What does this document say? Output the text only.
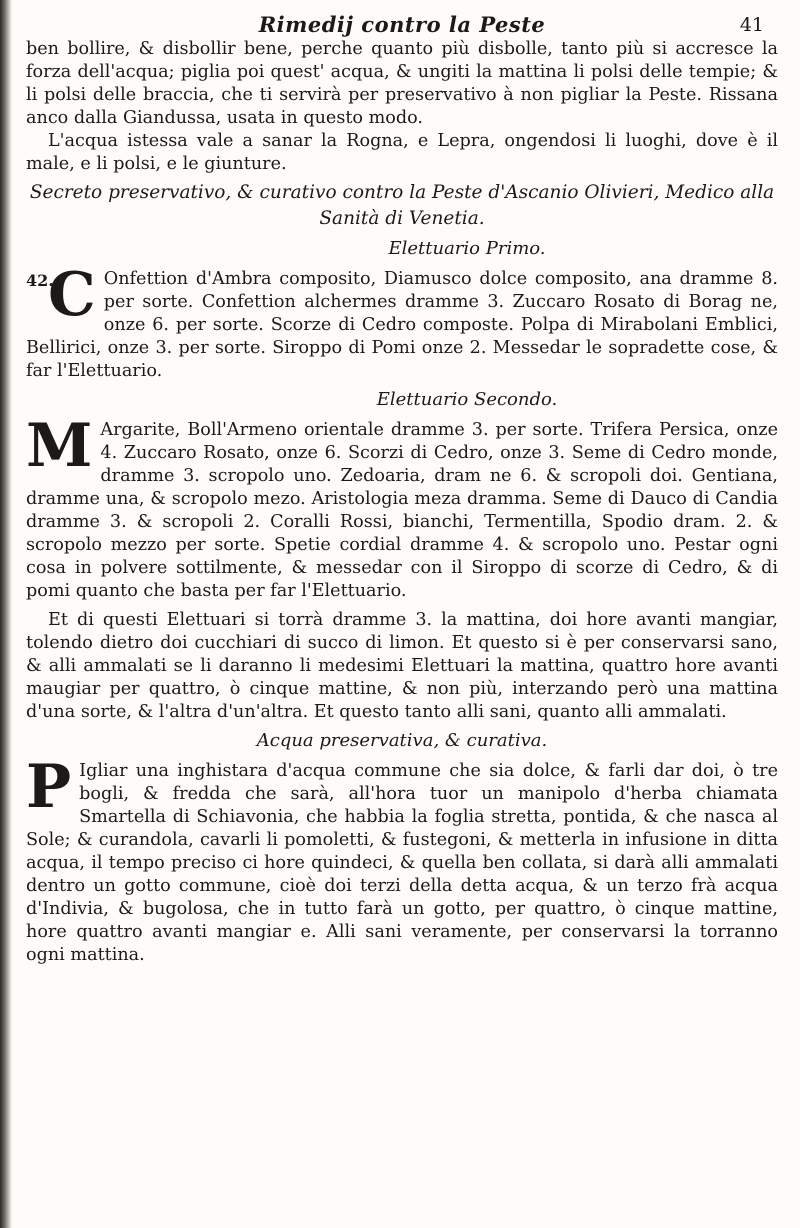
Rimedij contro la Peste	41

ben bollire, & disbollir bene, perche quanto più disbolle, tanto più si accresce la forza dell'acqua; piglia poi quest' acqua, & ungiti la mattina li polsi delle tempie; & li polsi delle braccia, che ti servirà per preservativo à non pigliar la Peste. Rissana anco dalla Giandussa, usata in questo modo.

L'acqua istessa vale a sanar la Rogna, e Lepra, ongendosi li luoghi, dove è il male, e li polsi, e le giunture.

Secreto preservativo, & curativo contro la Peste d'Ascanio Olivieri, Medico alla Sanità di Venetia.
Elettuario Primo.
42.
C Onfettion d'Ambra composito, Diamusco dolce composito, ana dramme 8. per sorte. Confettion alchermes dramme 3. Zuccaro Rosato di Borag ne, onze 6. per sorte. Scorze di Cedro composte. Polpa di Mirabolani Emblici, Bellirici, onze 3. per sorte. Siroppo di Pomi onze 2. Messedar le sopradette cose, & far l'Elettuario.

Elettuario Secondo.
M Argarite, Boll'Armeno orientale dramme 3. per sorte. Trifera Persica, onze 4. Zuccaro Rosato, onze 6. Scorzi di Cedro, onze 3. Seme di Cedro monde, dramme 3. scropolo uno. Zedoaria, dram ne 6. & scropoli doi. Gentiana, dramme una, & scropolo mezo. Aristologia meza dramma. Seme di Dauco di Candia dramme 3. & scropoli 2. Coralli Rossi, bianchi, Termentilla, Spodio dram. 2. & scropolo mezzo per sorte. Spetie cordial dramme 4. & scropolo uno. Pestar ogni cosa in polvere sottilmente, & messedar con il Siroppo di scorze di Cedro, & di pomi quanto che basta per far l'Elettuario.

Et di questi Elettuari si torrà dramme 3. la mattina, doi hore avanti mangiar, tolendo dietro doi cucchiari di succo di limon. Et questo si è per conservarsi sano, & alli ammalati se li daranno li medesimi Elettuari la mattina, quattro hore avanti maugiar per quattro, ò cinque mattine, & non più, interzando però una mattina d'una sorte, & l'altra d'un'altra. Et questo tanto alli sani, quanto alli ammalati.

Acqua preservativa, & curativa.
P Igliar una inghistara d'acqua commune che sia dolce, & farli dar doi, ò tre bogli, & fredda che sarà, all'hora tuor un manipolo d'herba chiamata Smartella di Schiavonia, che habbia la foglia stretta, pontida, & che nasca al Sole; & curandola, cavarli li pomoletti, & fustegoni, & metterla in infusione in ditta acqua, il tempo preciso ci hore quindeci, & quella ben collata, si darà alli ammalati dentro un gotto commune, cioè doi terzi della detta acqua, & un terzo frà acqua d'Indivia, & bugolosa, che in tutto farà un gotto, per quattro, ò cinque mattine, hore quattro avanti mangiar e. Alli sani veramente, per conservarsi la torranno ogni mattina.
